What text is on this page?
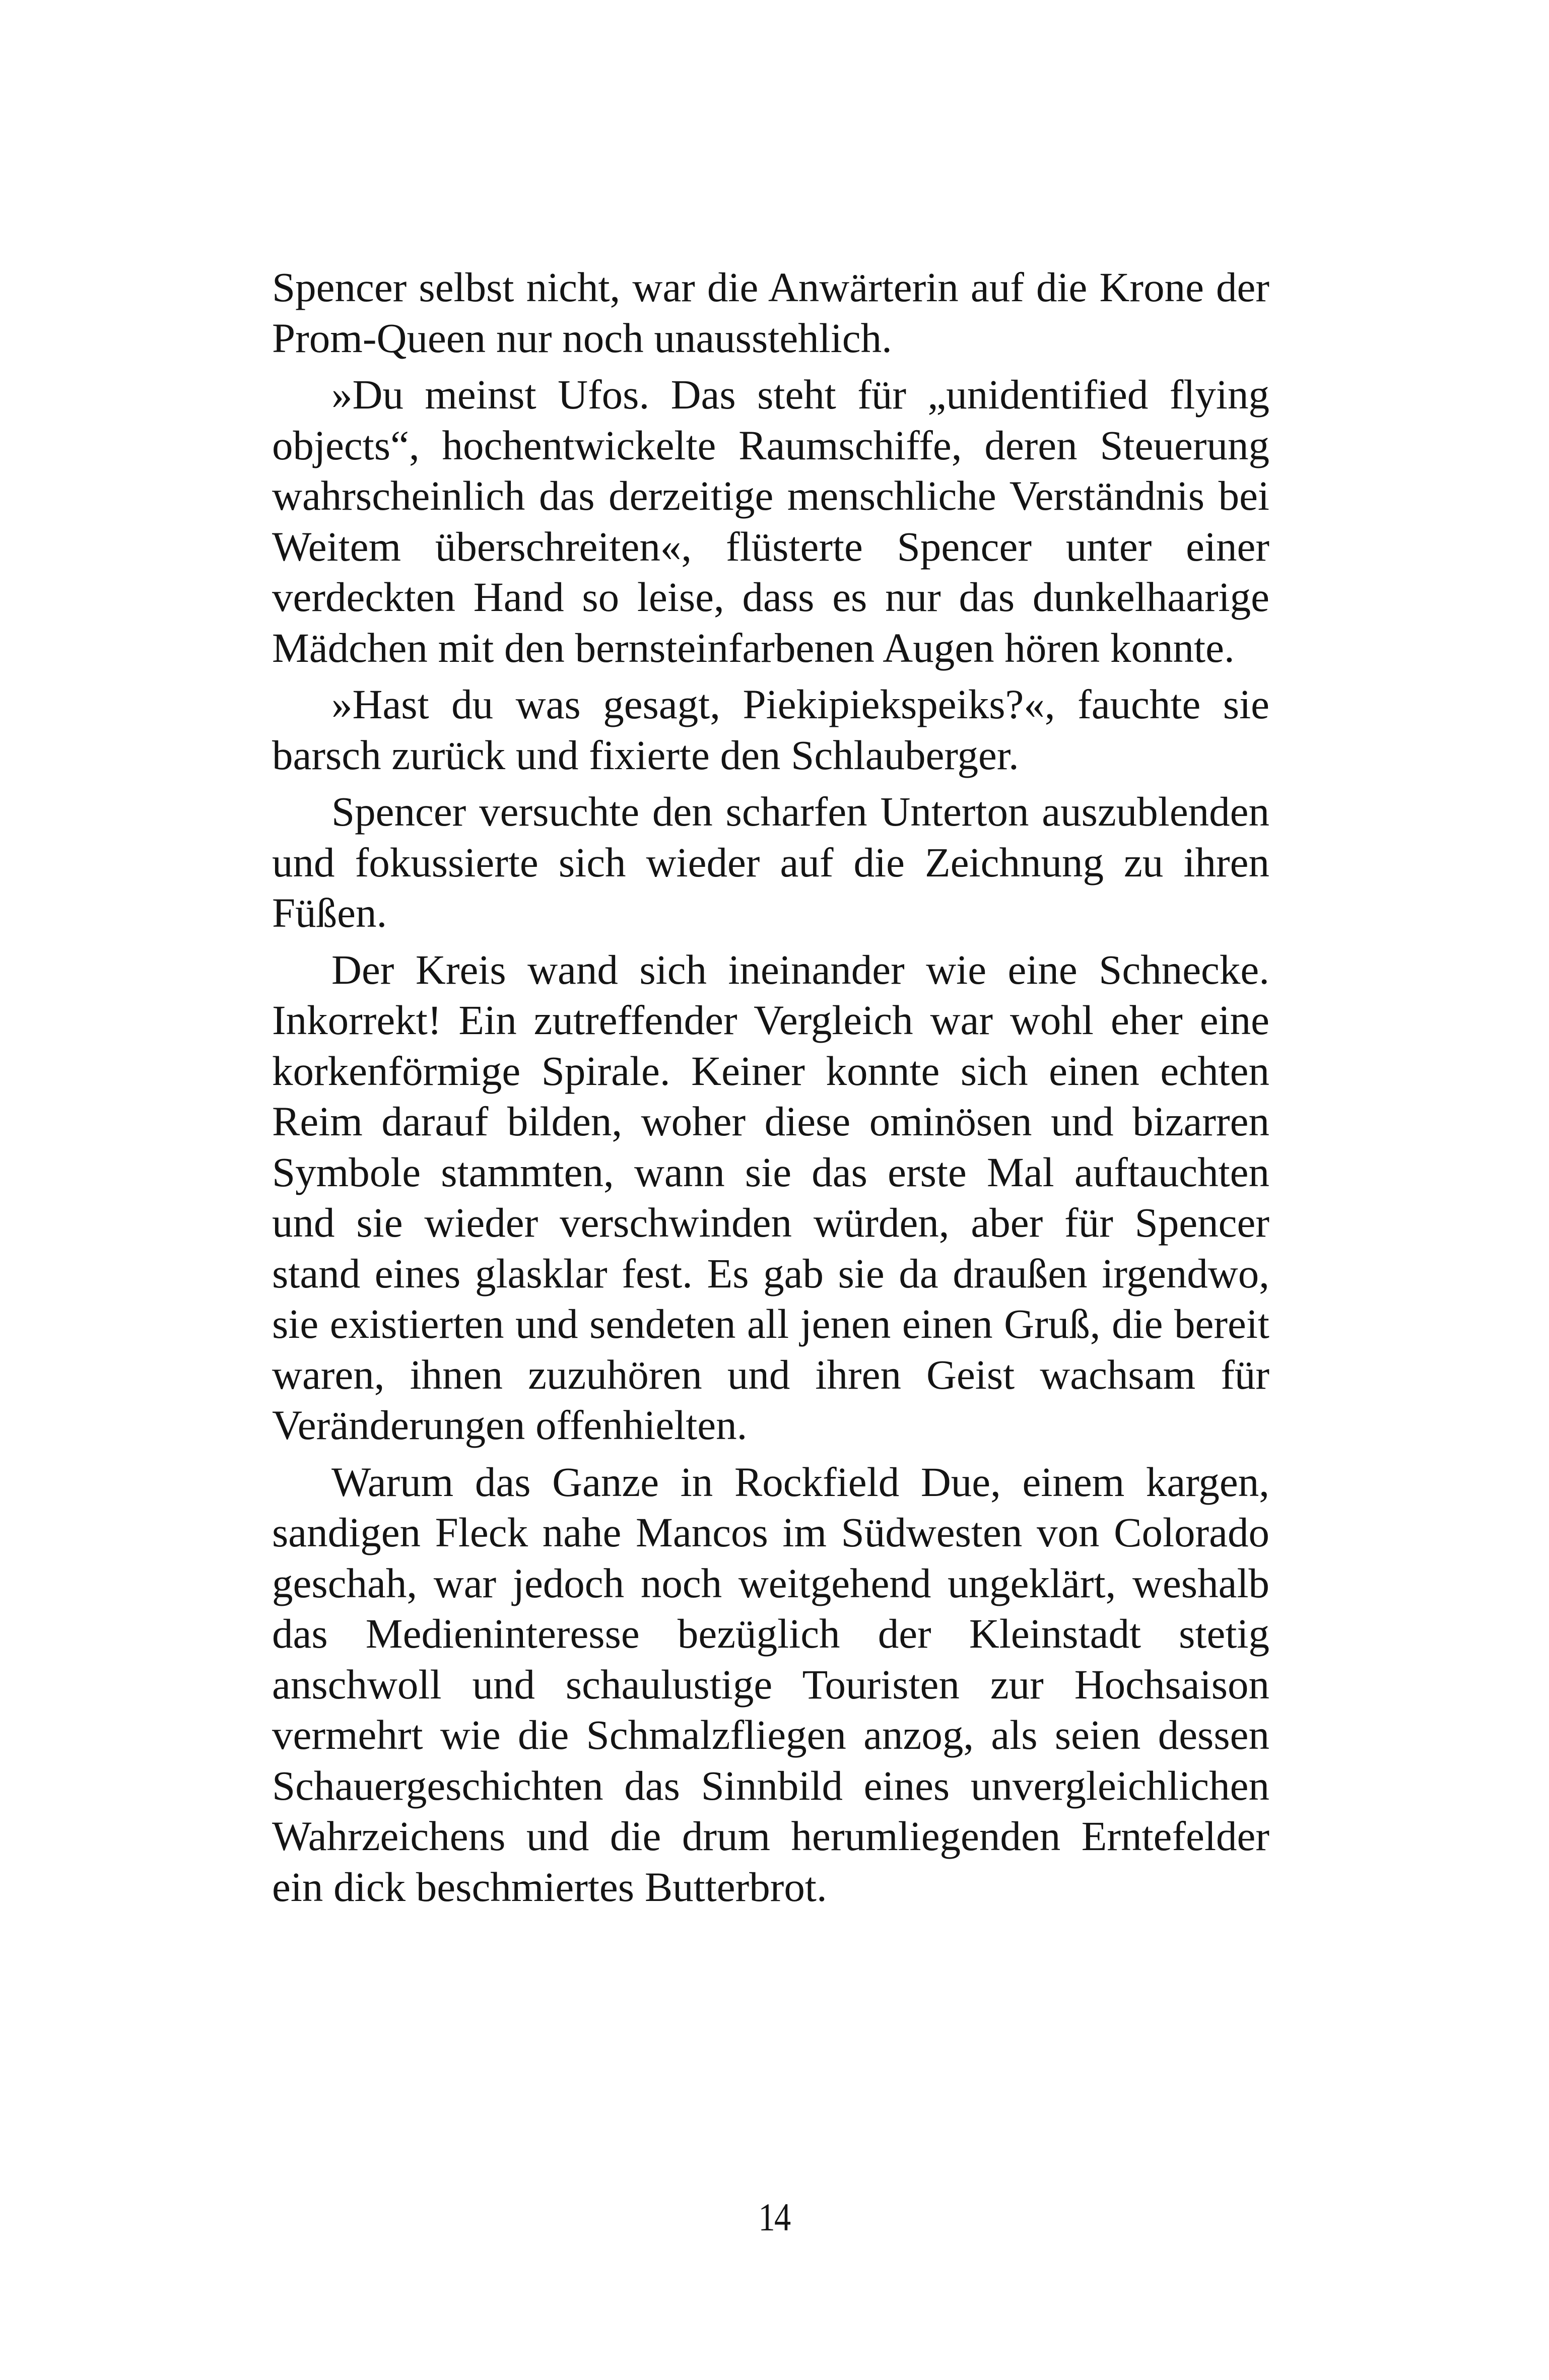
Spencer selbst nicht, war die Anwärterin auf die Krone der Prom-Queen nur noch unausstehlich.

»Du meinst Ufos. Das steht für „unidentified flying objects“, hochentwickelte Raumschiffe, deren Steuerung wahrscheinlich das derzeitige menschliche Verständnis bei Weitem überschreiten«, flüsterte Spencer unter einer verdeckten Hand so leise, dass es nur das dunkelhaarige Mädchen mit den bernsteinfarbenen Augen hören konnte.

»Hast du was gesagt, Piekipiekspeiks?«, fauchte sie barsch zurück und fixierte den Schlauberger.

Spencer versuchte den scharfen Unterton auszublenden und fokussierte sich wieder auf die Zeichnung zu ihren Füßen.

Der Kreis wand sich ineinander wie eine Schnecke. Inkorrekt! Ein zutreffender Vergleich war wohl eher eine korkenförmige Spirale. Keiner konnte sich einen echten Reim darauf bilden, woher diese ominösen und bizarren Symbole stammten, wann sie das erste Mal auftauchten und sie wieder verschwinden würden, aber für Spencer stand eines glasklar fest. Es gab sie da draußen irgendwo, sie existierten und sendeten all jenen einen Gruß, die bereit waren, ihnen zuzuhören und ihren Geist wachsam für Veränderungen offenhielten.

Warum das Ganze in Rockfield Due, einem kargen, sandigen Fleck nahe Mancos im Südwesten von Colorado geschah, war jedoch noch weitgehend ungeklärt, weshalb das Medieninteresse bezüglich der Kleinstadt stetig anschwoll und schaulustige Touristen zur Hochsaison vermehrt wie die Schmalzfliegen anzog, als seien dessen Schauergeschichten das Sinnbild eines unvergleichlichen Wahrzeichens und die drum herumliegenden Erntefelder ein dick beschmiertes Butterbrot.

14
